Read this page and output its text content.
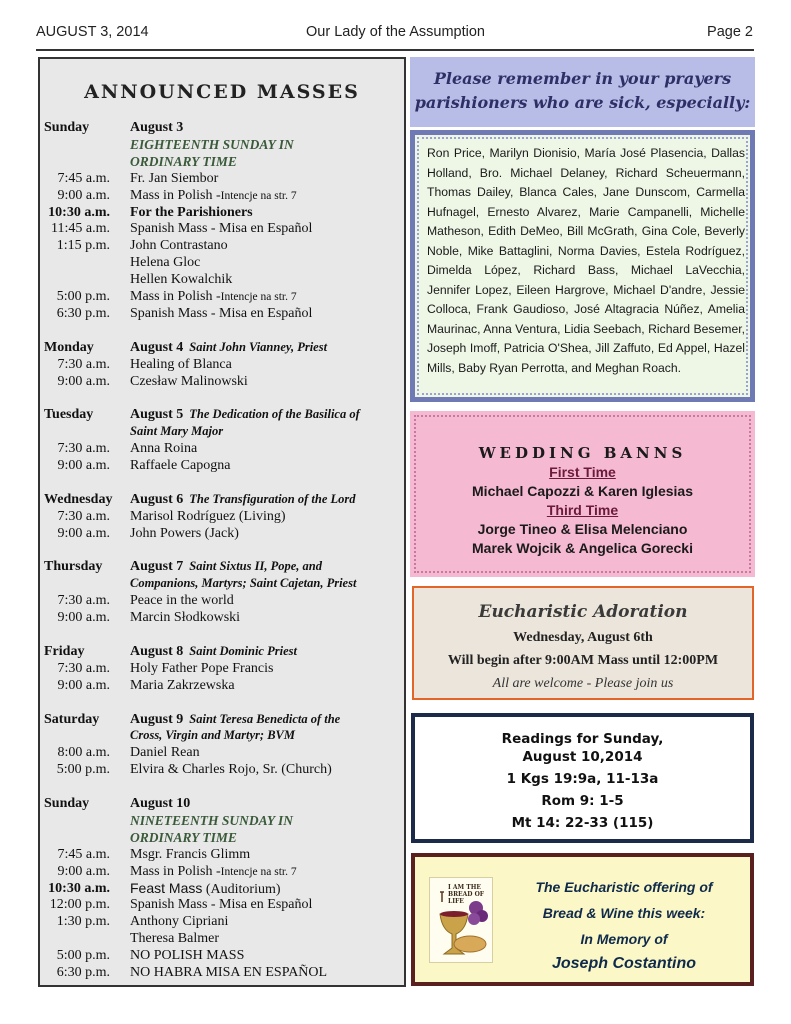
AUGUST 3, 2014	Our Lady of the Assumption	Page 2
ANNOUNCED MASSES
Sunday	August 3
EIGHTEENTH SUNDAY IN
ORDINARY TIME
7:45 a.m. Fr. Jan Siembor
9:00 a.m. Mass in Polish -Intencje na str. 7
10:30 a.m. For the Parishioners
11:45 a.m. Spanish Mass - Misa en Español
1:15 p.m. John Contrastano
Helena Gloc
Hellen Kowalchik
5:00 p.m. Mass in Polish -Intencje na str. 7
6:30 p.m. Spanish Mass - Misa en Español
Monday	August 4 Saint John Vianney, Priest
7:30 a.m. Healing of Blanca
9:00 a.m. Czesław Malinowski
Tuesday	August 5 The Dedication of the Basilica of
Saint Mary Major
7:30 a.m. Anna Roina
9:00 a.m. Raffaele Capogna
Wednesday	August 6 The Transfiguration of the Lord
7:30 a.m. Marisol Rodríguez (Living)
9:00 a.m. John Powers (Jack)
Thursday	August 7 Saint Sixtus II, Pope, and
Companions, Martyrs; Saint Cajetan, Priest
7:30 a.m. Peace in the world
9:00 a.m. Marcin Słodkowski
Friday	August 8 Saint Dominic Priest
7:30 a.m. Holy Father Pope Francis
9:00 a.m. Maria Zakrzewska
Saturday	August 9 Saint Teresa Benedicta of the
Cross, Virgin and Martyr; BVM
8:00 a.m. Daniel Rean
5:00 p.m. Elvira & Charles Rojo, Sr. (Church)
Sunday	August 10
NINETEENTH SUNDAY IN
ORDINARY TIME
7:45 a.m. Msgr. Francis Glimm
9:00 a.m. Mass in Polish -Intencje na str. 7
10:30 a.m. Feast Mass (Auditorium)
12:00 p.m. Spanish Mass - Misa en Español
1:30 p.m. Anthony Cipriani
Theresa Balmer
5:00 p.m. NO POLISH MASS
6:30 p.m. NO HABRA MISA EN ESPAÑOL
Please remember in your prayers
parishioners who are sick, especially:
Ron Price, Marilyn Dionisio, María José Plasencia, Dallas Holland, Bro. Michael Delaney, Richard Scheuermann, Thomas Dailey, Blanca Cales, Jane Dunscom, Carmella Hufnagel, Ernesto Alvarez, Marie Campanelli, Michelle Matheson, Edith DeMeo, Bill McGrath, Gina Cole, Beverly Noble, Mike Battaglini, Norma Davies, Estela Rodríguez, Dimelda López, Richard Bass, Michael LaVecchia, Jennifer Lopez, Eileen Hargrove, Michael D'andre, Jessie Colloca, Frank Gaudioso, José Altagracia Núñez, Amelia Maurinac, Anna Ventura, Lidia Seebach, Richard Besemer, Joseph Imoff, Patricia O'Shea, Jill Zaffuto, Ed Appel, Hazel Mills, Baby Ryan Perrotta, and Meghan Roach.
WEDDING BANNS
First Time
Michael Capozzi & Karen Iglesias
Third Time
Jorge Tineo & Elisa Melenciano
Marek Wojcik & Angelica Gorecki
Eucharistic Adoration
Wednesday, August 6th
Will begin after 9:00AM Mass until 12:00PM
All are welcome - Please join us
Readings for Sunday,
August 10,2014
1 Kgs 19:9a, 11-13a
Rom 9: 1-5
Mt 14: 22-33 (115)
I AM THE BREAD OF LIFE
The Eucharistic offering of
Bread & Wine this week:
In Memory of
Joseph Costantino
